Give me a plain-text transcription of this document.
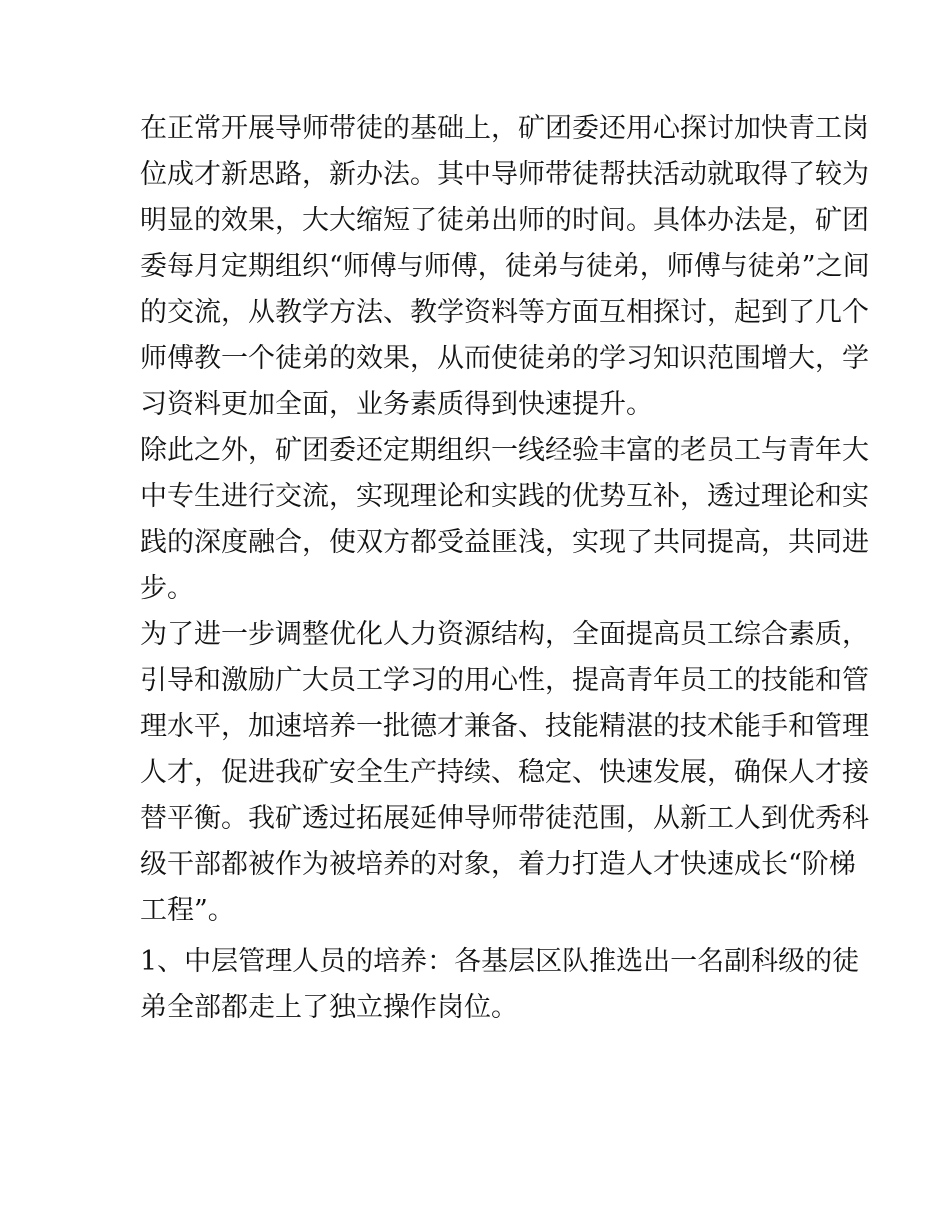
在正常开展导师带徒的基础上，矿团委还用心探讨加快青工岗
位成才新思路，新办法。其中导师带徒帮扶活动就取得了较为
明显的效果，大大缩短了徒弟出师的时间。具体办法是，矿团
委每月定期组织“师傅与师傅，徒弟与徒弟，师傅与徒弟”之间
的交流，从教学方法、教学资料等方面互相探讨，起到了几个
师傅教一个徒弟的效果，从而使徒弟的学习知识范围增大，学
习资料更加全面，业务素质得到快速提升。
除此之外，矿团委还定期组织一线经验丰富的老员工与青年大
中专生进行交流，实现理论和实践的优势互补，透过理论和实
践的深度融合，使双方都受益匪浅，实现了共同提高，共同进
步。
为了进一步调整优化人力资源结构，全面提高员工综合素质，
引导和激励广大员工学习的用心性，提高青年员工的技能和管
理水平，加速培养一批德才兼备、技能精湛的技术能手和管理
人才，促进我矿安全生产持续、稳定、快速发展，确保人才接
替平衡。我矿透过拓展延伸导师带徒范围，从新工人到优秀科
级干部都被作为被培养的对象，着力打造人才快速成长“阶梯
工程”。
1、中层管理人员的培养：各基层区队推选出一名副科级的徒
弟全部都走上了独立操作岗位。
